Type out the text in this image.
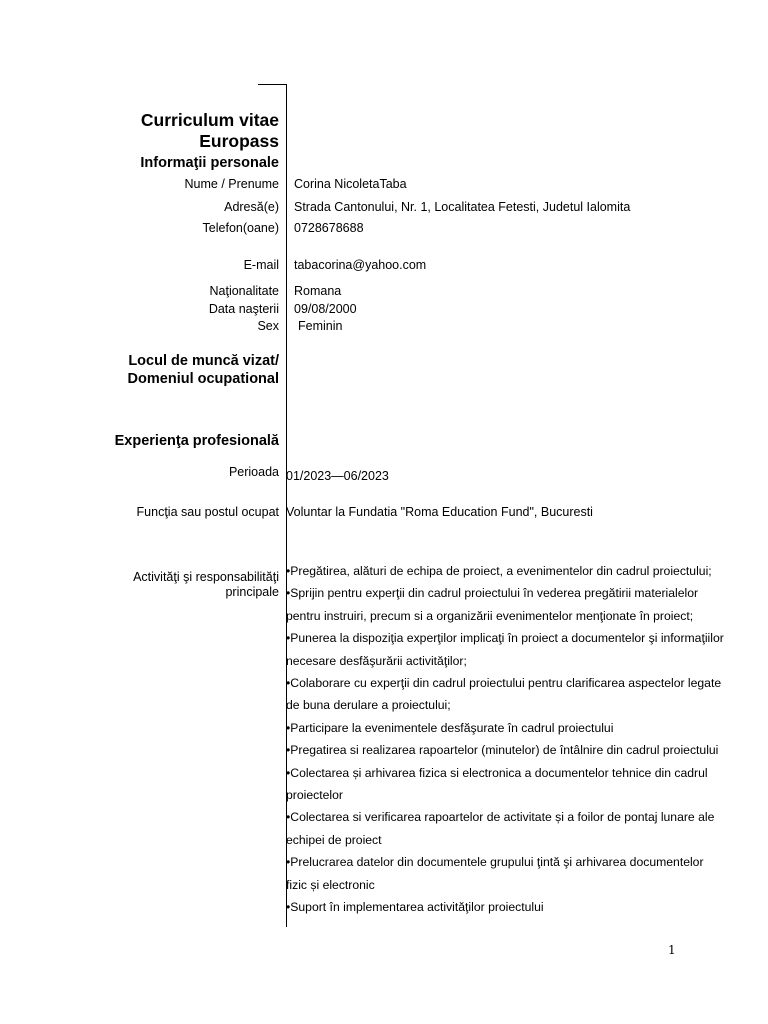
Curriculum vitae
Europass
Informaţii personale
Nume / Prenume Corina NicoletaTaba
Adresă(e) Strada Cantonului, Nr. 1, Localitatea Fetesti, Judetul Ialomita
Telefon(oane) 0728678688
E-mail tabacorina@yahoo.com
Naţionalitate Romana
Data naşterii 09/08/2000
Sex Feminin
Locul de muncă vizat/
Domeniul ocupational
Experienţa profesională
Perioada 01/2023—06/2023
Funcţia sau postul ocupat Voluntar la Fundatia "Roma Education Fund", Bucuresti
Activităţi şi responsabilităţi
principale
•Pregătirea, alături de echipa de proiect, a evenimentelor din cadrul proiectului;
•Sprijin pentru experţii din cadrul proiectului în vederea pregătirii materialelor
pentru instruiri, precum si a organizării evenimentelor menţionate în proiect;
•Punerea la dispoziţia experţilor implicaţi în proiect a documentelor şi informaţiilor
necesare desfăşurării activităţilor;
•Colaborare cu experţii din cadrul proiectului pentru clarificarea aspectelor legate
de buna derulare a proiectului;
•Participare la evenimentele desfăşurate în cadrul proiectului
•Pregatirea si realizarea rapoartelor (minutelor) de întâlnire din cadrul proiectului
•Colectarea și arhivarea fizica si electronica a documentelor tehnice din cadrul
proiectelor
•Colectarea si verificarea rapoartelor de activitate și a foilor de pontaj lunare ale
echipei de proiect
•Prelucrarea datelor din documentele grupului ţintă şi arhivarea documentelor
fizic și electronic
•Suport în implementarea activităţilor proiectului
1
